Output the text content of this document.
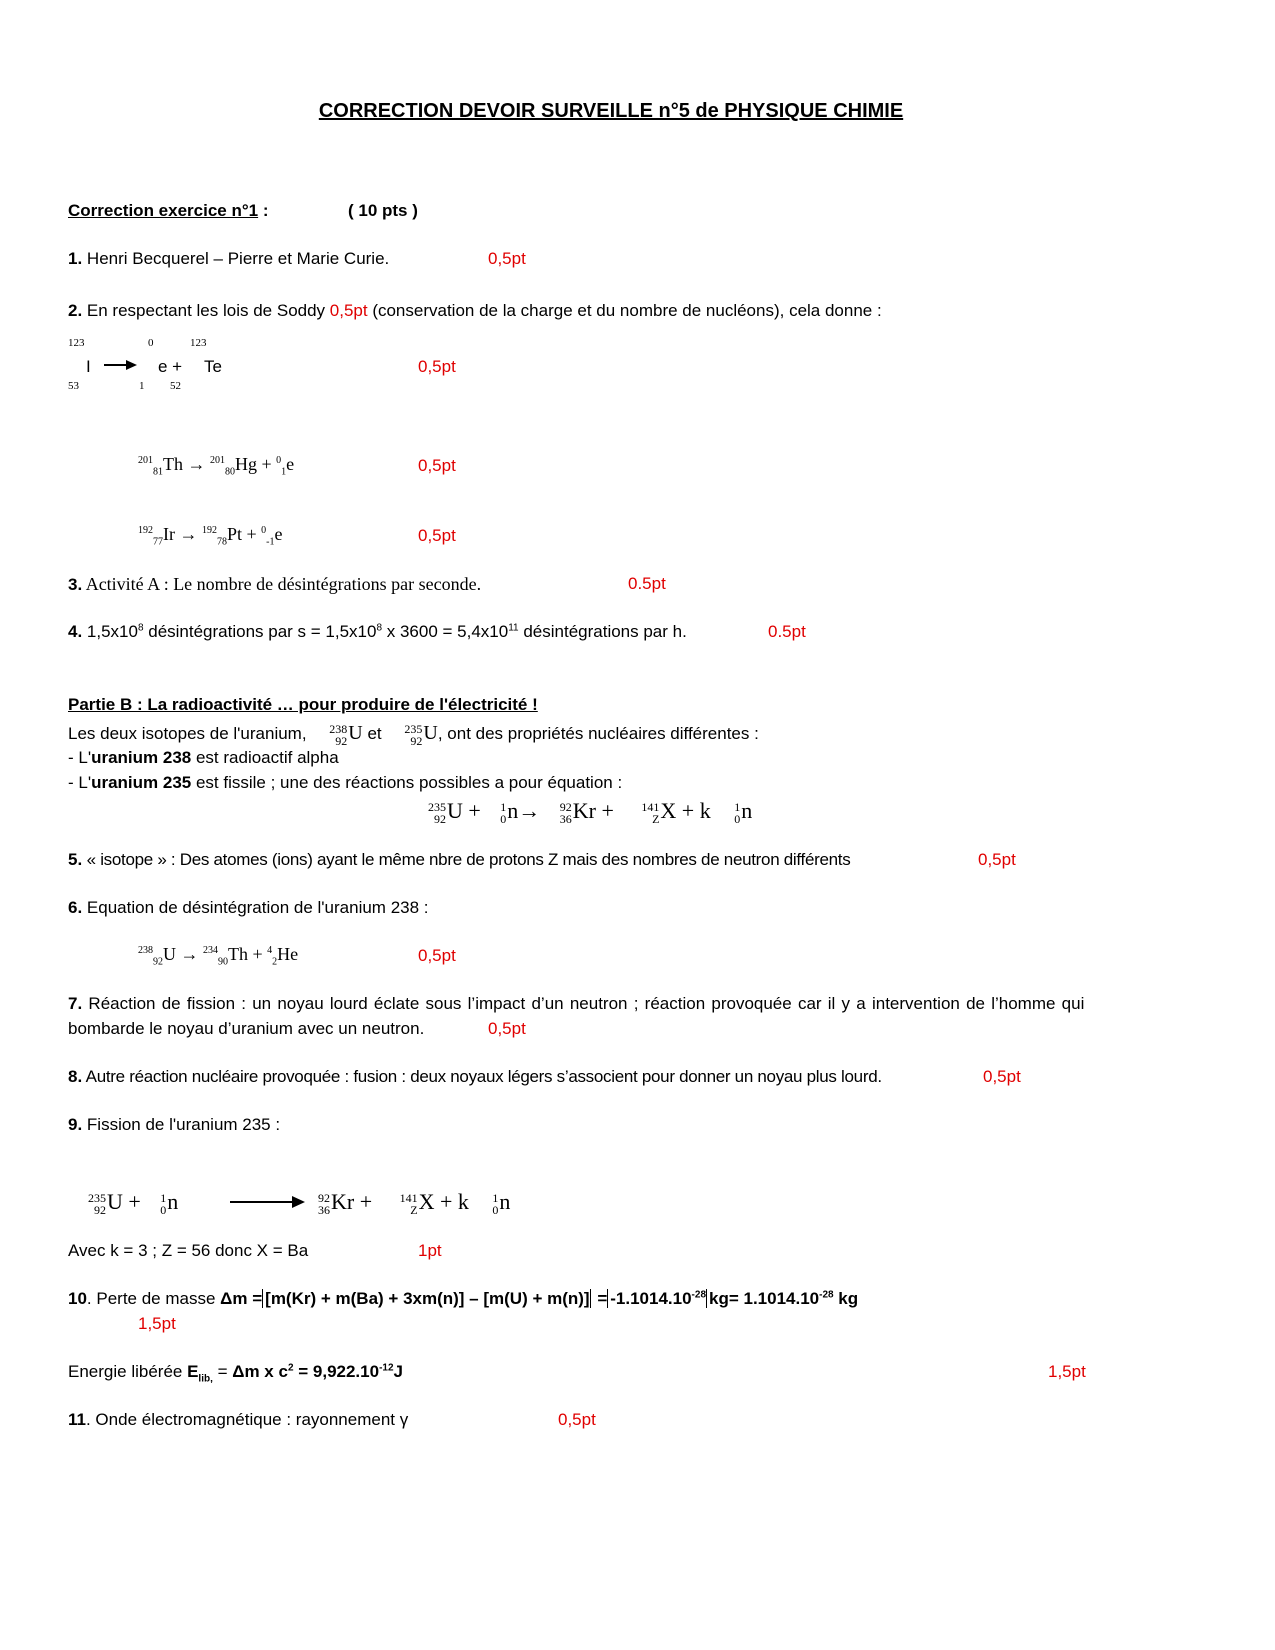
CORRECTION DEVOIR SURVEILLE n°5 de PHYSIQUE CHIMIE
Correction exercice n°1 :	( 10 pts )
1. Henri Becquerel – Pierre et Marie Curie.	0,5pt
2. En respectant les lois de Soddy 0,5pt (conservation de la charge et du nombre de nucléons), cela donne :
123
53
I
0
1
e +
123
52
Te	0,5pt
$^{201}_{81}$Th → $^{201}_{80}$Hg + $^0_1$e	0,5pt
$^{192}_{77}$Ir → $^{192}_{78}$Pt + $^0_{-1}$e	0,5pt
3. Activité A : Le nombre de désintégrations par seconde.	0.5pt
4. $1,5x10^8$ désintégrations par $s = 1,5x10^8$ x $3600 = 5,4x10^{11}$ désintégrations par h.	0.5pt
Partie B : La radioactivité … pour produire de l'électricité !
Les deux isotopes de l'uranium, 238
92 U et 235
92 U, ont des propriétés nucléaires différentes :
- L'uranium 238 est radioactif alpha
- L'uranium 235 est fissile ; une des réactions possibles a pour équation :
235
92 U + 1
0 n→ 92
36 Kr + 141
Z X + k 1
0 n
5. « isotope » : Des atomes (ions) ayant le même nbre de protons Z mais des nombres de neutron différents	0,5pt
6. Equation de désintégration de l'uranium 238 :
$^{238}_{92}$U → $^{234}_{90}$Th + $^4_2$He	0,5pt
7. Réaction de fission : un noyau lourd éclate sous l’impact d’un neutron ; réaction provoquée car il y a intervention de l’homme qui
bombarde le noyau d’uranium avec un neutron.	0,5pt
8. Autre réaction nucléaire provoquée : fusion : deux noyaux légers s’associent pour donner un noyau plus lourd.	0,5pt
9. Fission de l'uranium 235 :
235
92 U + 1
0 n	92
36 Kr + 141
Z X + k 1
0 n
Avec k = 3 ; Z = 56 donc X = Ba	1pt
10. Perte de masse $\Delta m = [m(Kr) + m(Ba) + 3xm(n)] - [m(U) + m(n)] = -1.1014.10^{-28}$ $kg= 1.1014.10^{-28}$ kg
1,5pt
Energie libérée $E_{lib,} = \Delta m$ x $c^2 = 9,922.10^{-12}J$	1,5pt
11. Onde électromagnétique : rayonnement γ	0,5pt
